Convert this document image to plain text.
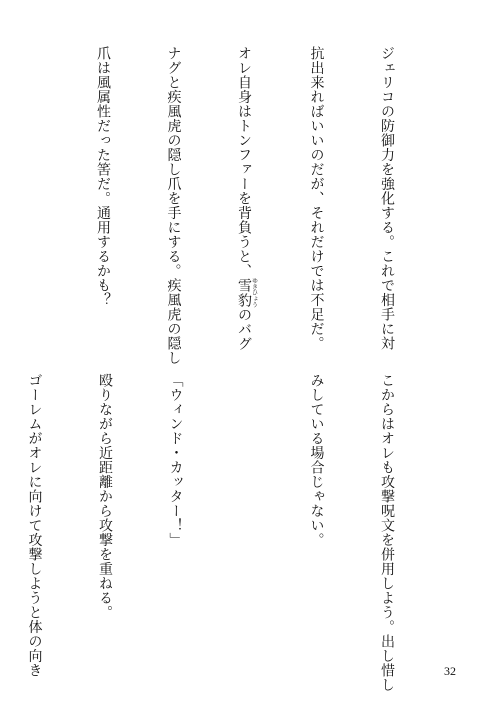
ジェリコの防御力を強化する。これで相手に対

抗出来ればいいのだが、それだけでは不足だ。

オレ自身はトンファーを背負うと、雪豹ゆきひょうのバグ

ナグと疾風虎の隠し爪を手にする。疾風虎の隠し

爪は風属性だった筈だ。通用するかも？

こからはオレも攻撃呪文を併用しよう。出し惜し

みしている場合じゃない。

「ウィンド・カッター！」

殴りながら近距離から攻撃を重ねる。

ゴーレムがオレに向けて攻撃しようと体の向き

	32
